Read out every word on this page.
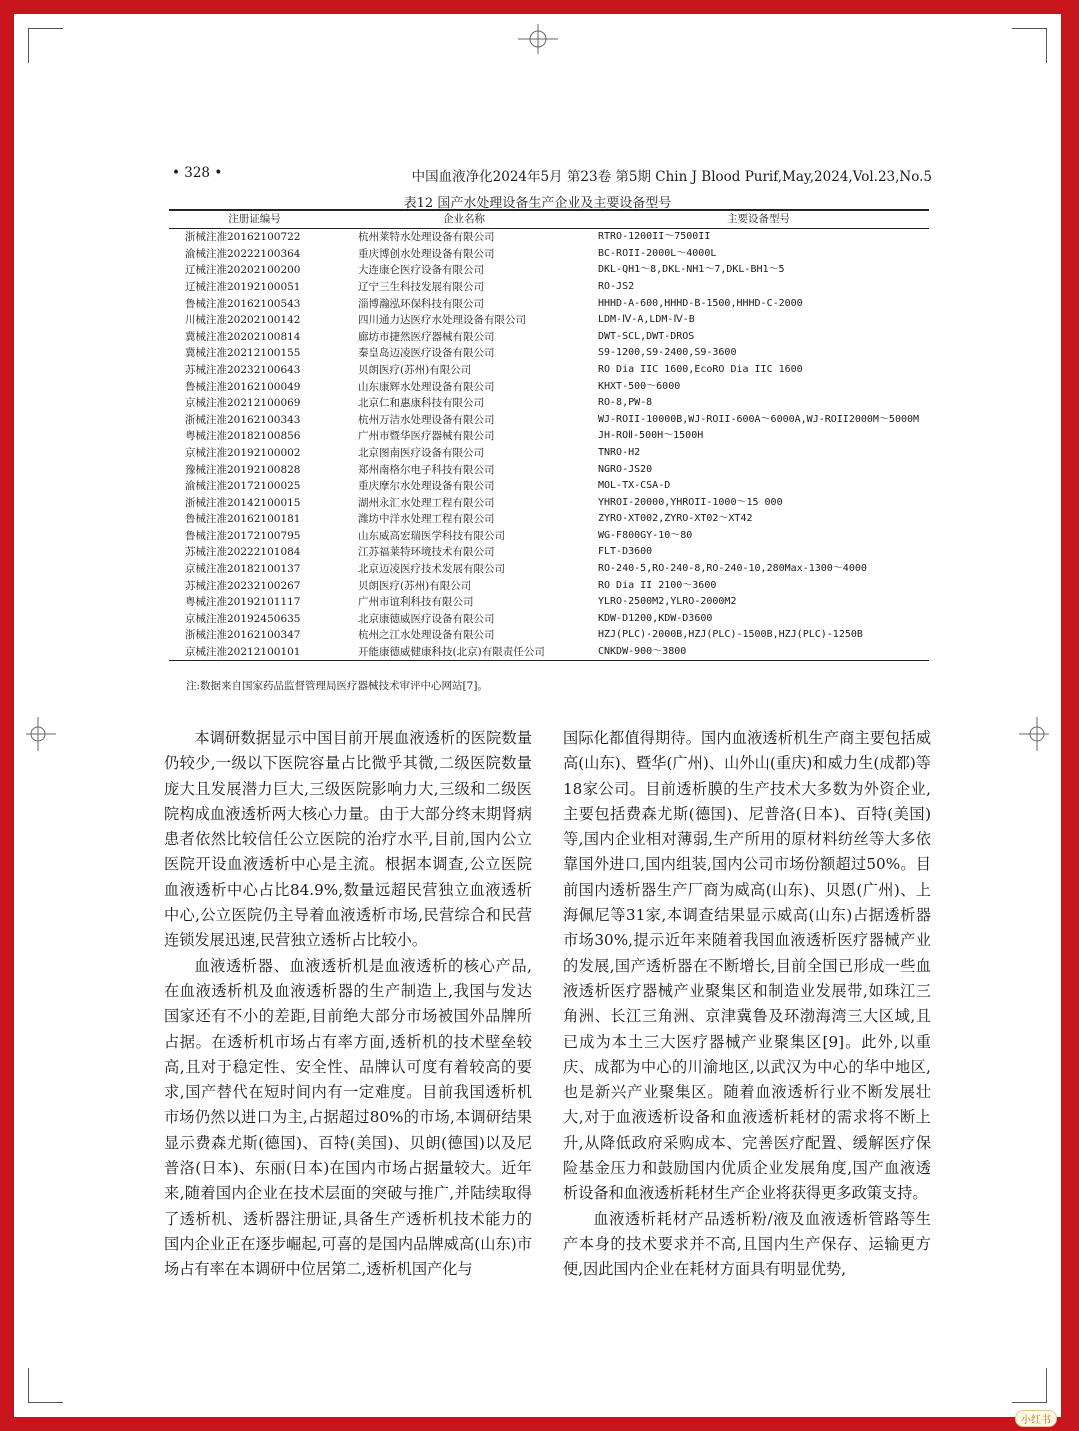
• 328 •	中国血液净化2024年5月 第23卷 第5期 Chin J Blood Purif,May,2024,Vol.23,No.5
表12 国产水处理设备生产企业及主要设备型号
注册证编号	企业名称	主要设备型号
浙械注准20162100722	杭州莱特水处理设备有限公司	RTRO-1200II～7500II
渝械注准20222100364	重庆博创水处理设备有限公司	BC-ROII-2000L～4000L
辽械注准20202100200	大连康仑医疗设备有限公司	DKL-QH1～8,DKL-NH1～7,DKL-BH1～5
辽械注准20192100051	辽宁三生科技发展有限公司	RO-JS2
鲁械注准20162100543	淄博瀚泓环保科技有限公司	HHHD-A-600,HHHD-B-1500,HHHD-C-2000
川械注准20202100142	四川通力达医疗水处理设备有限公司	LDM-Ⅳ-A,LDM-Ⅳ-B
冀械注准20202100814	廊坊市捷然医疗器械有限公司	DWT-SCL,DWT-DROS
冀械注准20212100155	秦皇岛迈凌医疗设备有限公司	S9-1200,S9-2400,S9-3600
苏械注准20232100643	贝朗医疗(苏州)有限公司	RO Dia IIC 1600,EcoRO Dia IIC 1600
鲁械注准20162100049	山东康辉水处理设备有限公司	KHXT-500～6000
京械注准20212100069	北京仁和惠康科技有限公司	RO-8,PW-8
浙械注准20162100343	杭州万洁水处理设备有限公司	WJ-ROII-10000B,WJ-ROII-600A～6000A,WJ-ROII2000M～5000M
粤械注准20182100856	广州市暨华医疗器械有限公司	JH-ROⅡ-500H～1500H
京械注准20192100002	北京图南医疗设备有限公司	TNRO-H2
豫械注准20192100828	郑州南格尔电子科技有限公司	NGRO-JS20
渝械注准20172100025	重庆摩尔水处理设备有限公司	MOL-TX-CSA-D
浙械注准20142100015	湖州永汇水处理工程有限公司	YHROI-20000,YHROII-1000～15 000
鲁械注准20162100181	潍坊中洋水处理工程有限公司	ZYRO-XT002,ZYRO-XT02～XT42
鲁械注准20172100795	山东威高宏瑞医学科技有限公司	WG-F800GY-10～80
苏械注准20222101084	江苏福莱特环境技术有限公司	FLT-D3600
京械注准20182100137	北京迈凌医疗技术发展有限公司	RO-240-5,RO-240-8,RO-240-10,280Max-1300～4000
苏械注准20232100267	贝朗医疗(苏州)有限公司	RO Dia II 2100～3600
粤械注准20192101117	广州市谊利科技有限公司	YLRO-2500M2,YLRO-2000M2
京械注准20192450635	北京康德威医疗设备有限公司	KDW-D1200,KDW-D3600
浙械注准20162100347	杭州之江水处理设备有限公司	HZJ(PLC)-2000B,HZJ(PLC)-1500B,HZJ(PLC)-1250B
京械注准20212100101	开能康德威健康科技(北京)有限责任公司	CNKDW-900～3800
注:数据来自国家药品监督管理局医疗器械技术审评中心网站[7]。

本调研数据显示中国目前开展血液透析的医院数量仍较少,一级以下医院容量占比微乎其微,二级医院数量庞大且发展潜力巨大,三级医院影响力大,三级和二级医院构成血液透析两大核心力量。由于大部分终末期肾病患者依然比较信任公立医院的治疗水平,目前,国内公立医院开设血液透析中心是主流。根据本调查,公立医院血液透析中心占比84.9%,数量远超民营独立血液透析中心,公立医院仍主导着血液透析市场,民营综合和民营连锁发展迅速,民营独立透析占比较小。

血液透析器、血液透析机是血液透析的核心产品,在血液透析机及血液透析器的生产制造上,我国与发达国家还有不小的差距,目前绝大部分市场被国外品牌所占据。在透析机市场占有率方面,透析机的技术壁垒较高,且对于稳定性、安全性、品牌认可度有着较高的要求,国产替代在短时间内有一定难度。目前我国透析机市场仍然以进口为主,占据超过80%的市场,本调研结果显示费森尤斯(德国)、百特(美国)、贝朗(德国)以及尼普洛(日本)、东丽(日本)在国内市场占据量较大。近年来,随着国内企业在技术层面的突破与推广,并陆续取得了透析机、透析器注册证,具备生产透析机技术能力的国内企业正在逐步崛起,可喜的是国内品牌威高(山东)市场占有率在本调研中位居第二,透析机国产化与

国际化都值得期待。国内血液透析机生产商主要包括威高(山东)、暨华(广州)、山外山(重庆)和威力生(成都)等18家公司。目前透析膜的生产技术大多数为外资企业,主要包括费森尤斯(德国)、尼普洛(日本)、百特(美国)等,国内企业相对薄弱,生产所用的原材料纺丝等大多依靠国外进口,国内组装,国内公司市场份额超过50%。目前国内透析器生产厂商为威高(山东)、贝恩(广州)、上海佩尼等31家,本调查结果显示威高(山东)占据透析器市场30%,提示近年来随着我国血液透析医疗器械产业的发展,国产透析器在不断增长,目前全国已形成一些血液透析医疗器械产业聚集区和制造业发展带,如珠江三角洲、长江三角洲、京津冀鲁及环渤海湾三大区域,且已成为本土三大医疗器械产业聚集区[9]。此外,以重庆、成都为中心的川渝地区,以武汉为中心的华中地区,也是新兴产业聚集区。随着血液透析行业不断发展壮大,对于血液透析设备和血液透析耗材的需求将不断上升,从降低政府采购成本、完善医疗配置、缓解医疗保险基金压力和鼓励国内优质企业发展角度,国产血液透析设备和血液透析耗材生产企业将获得更多政策支持。

血液透析耗材产品透析粉/液及血液透析管路等生产本身的技术要求并不高,且国内生产保存、运输更方便,因此国内企业在耗材方面具有明显优势,

小红书
